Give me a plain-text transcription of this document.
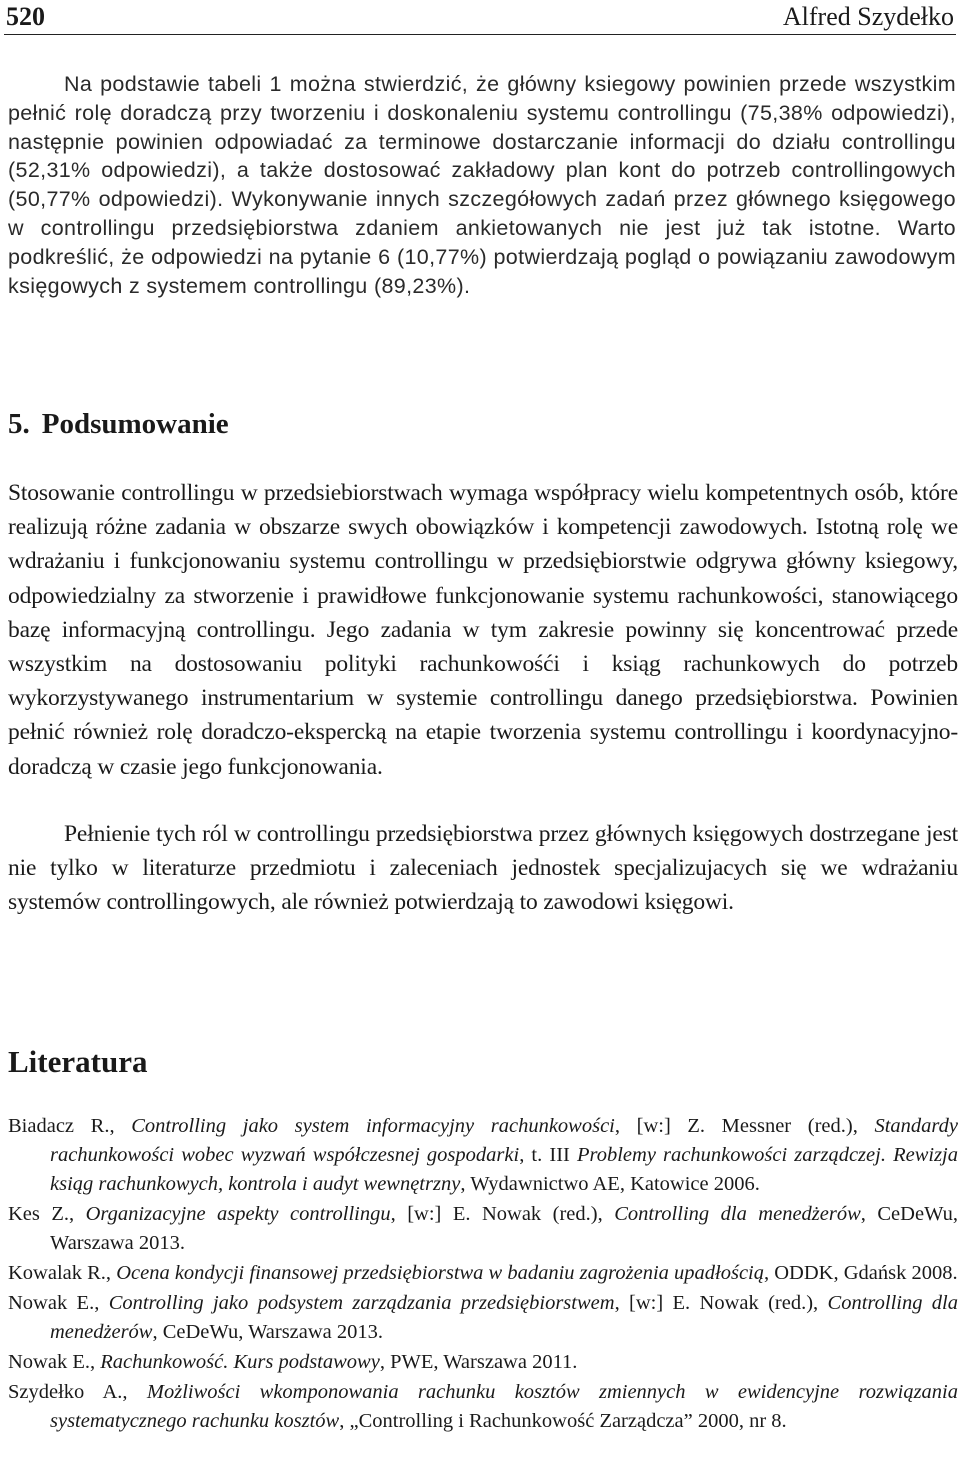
520	Alfred Szydełko

Na podstawie tabeli 1 można stwierdzić, że główny ksiegowy powinien przede wszystkim pełnić rolę doradczą przy tworzeniu i doskonaleniu systemu controllingu (75,38% odpowiedzi), następnie powinien odpowiadać za terminowe dostarczanie informacji do działu controllingu (52,31% odpowiedzi), a także dostosować zakładowy plan kont do potrzeb controllingowych (50,77% odpowiedzi). Wykonywanie innych szczegółowych zadań przez głównego księgowego w controllingu przedsiębiorstwa zdaniem ankietowanych nie jest już tak istotne. Warto podkreślić, że odpowiedzi na pytanie 6 (10,77%) potwierdzają pogląd o powiązaniu zawodowym księgowych z systemem controllingu (89,23%).

5. Podsumowanie

Stosowanie controllingu w przedsiebiorstwach wymaga współpracy wielu kompetentnych osób, które realizują różne zadania w obszarze swych obowiązków i kompetencji zawodowych. Istotną rolę we wdrażaniu i funkcjonowaniu systemu controllingu w przedsiębiorstwie odgrywa główny ksiegowy, odpowiedzialny za stworzenie i prawidłowe funkcjonowanie systemu rachunkowości, stanowiącego bazę informacyjną controllingu. Jego zadania w tym zakresie powinny się koncentrować przede wszystkim na dostosowaniu polityki rachunkowośći i ksiąg rachunkowych do potrzeb wykorzystywanego instrumentarium w systemie controllingu danego przedsiębiorstwa. Powinien pełnić również rolę doradczo-ekspercką na etapie tworzenia systemu controllingu i koordynacyjno-doradczą w czasie jego funkcjonowania.

Pełnienie tych ról w controllingu przedsiębiorstwa przez głównych księgowych dostrzegane jest nie tylko w literaturze przedmiotu i zaleceniach jednostek specjalizujacych się we wdrażaniu systemów controllingowych, ale również potwierdzają to zawodowi księgowi.

Literatura
Biadacz R., Controlling jako system informacyjny rachunkowości, [w:] Z. Messner (red.), Standardy rachunkowości wobec wyzwań współczesnej gospodarki, t. III Problemy rachunkowości zarządczej. Rewizja ksiąg rachunkowych, kontrola i audyt wewnętrzny, Wydawnictwo AE, Katowice 2006.
Kes Z., Organizacyjne aspekty controllingu, [w:] E. Nowak (red.), Controlling dla menedżerów, CeDeWu, Warszawa 2013.
Kowalak R., Ocena kondycji finansowej przedsiębiorstwa w badaniu zagrożenia upadłością, ODDK, Gdańsk 2008.
Nowak E., Controlling jako podsystem zarządzania przedsiębiorstwem, [w:] E. Nowak (red.), Controlling dla menedżerów, CeDeWu, Warszawa 2013.
Nowak E., Rachunkowość. Kurs podstawowy, PWE, Warszawa 2011.
Szydełko A., Możliwości wkomponowania rachunku kosztów zmiennych w ewidencyjne rozwiązania systematycznego rachunku kosztów, „Controlling i Rachunkowość Zarządcza” 2000, nr 8.
